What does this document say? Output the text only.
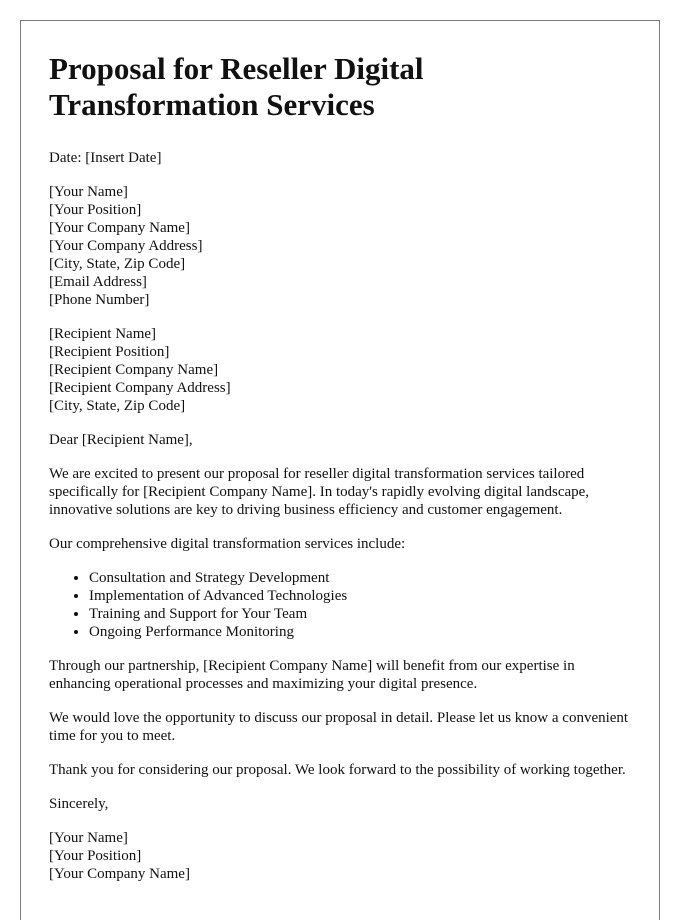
Proposal for Reseller Digital Transformation Services

Date: [Insert Date]

[Your Name]
[Your Position]
[Your Company Name]
[Your Company Address]
[City, State, Zip Code]
[Email Address]
[Phone Number]
[Recipient Name]
[Recipient Position]
[Recipient Company Name]
[Recipient Company Address]
[City, State, Zip Code]

Dear [Recipient Name],

We are excited to present our proposal for reseller digital transformation services tailored specifically for [Recipient Company Name]. In today's rapidly evolving digital landscape, innovative solutions are key to driving business efficiency and customer engagement.

Our comprehensive digital transformation services include:

• Consultation and Strategy Development
• Implementation of Advanced Technologies
• Training and Support for Your Team
• Ongoing Performance Monitoring

Through our partnership, [Recipient Company Name] will benefit from our expertise in enhancing operational processes and maximizing your digital presence.

We would love the opportunity to discuss our proposal in detail. Please let us know a convenient time for you to meet.

Thank you for considering our proposal. We look forward to the possibility of working together.

Sincerely,

[Your Name]
[Your Position]
[Your Company Name]
